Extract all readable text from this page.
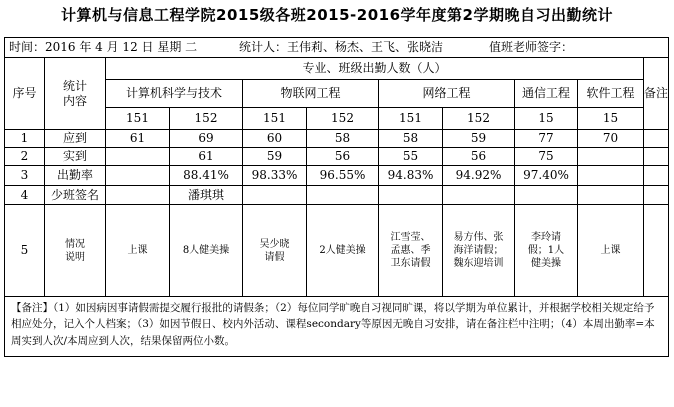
计算机与信息工程学院2015级各班2015-2016学年度第2学期晚自习出勤统计
时间：2016 年 4 月 12 日 星期 二 统计人：王伟莉、杨杰、王飞、张晓洁 值班老师签字：										
序号	统计
内容	专业、班级出勤人数（人）								备注
		计算机科学与技术		物联网工程		网络工程		通信工程	软件工程	
		151	152	151	152	151	152	15	15	
1	应到	61	69	60	58	58	59	77	70	
2	实到		61	59	56	55	56	75		
3	出勤率		88.41%	98.33%	96.55%	94.83%	94.92%	97.40%		
4	少班签名		潘琪琪							
5	情况
说明	上课	8人健美操	吴少晓请假	2人健美操	江雪莹、孟惠、季卫东请假	易方伟、张海洋请假；魏东迎培训	李玲请假；1人健美操	上课	
【备注】（1）如因病因事请假需提交履行报批的请假条；（2）每位同学旷晚自习视同旷课，将以学期为单位累计，并根据学校相关规定给予相应处分，记入个人档案；（3）如因节假日、校内外活动、课程secondary等原因无晚自习安排，请在备注栏中注明；（4）本周出勤率=本周实到人次/本周应到人次，结果保留两位小数。										
